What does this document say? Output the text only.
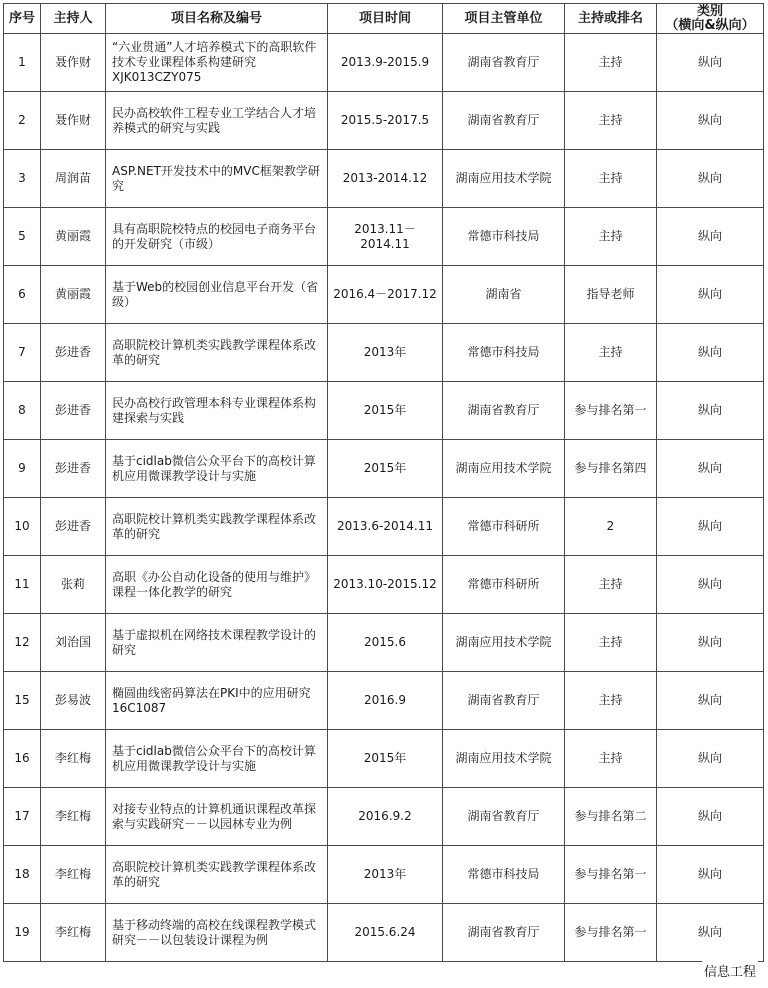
序号	主持人	项目名称及编号	项目时间	项目主管单位	主持或排名	类别
（横向&纵向）

1	聂作财	“六业贯通”人才培养模式下的高职软件技术专业课程体系构建研究 XJK013CZY075	2013.9-2015.9	湖南省教育厅	主持	纵向
2	聂作财	民办高校软件工程专业工学结合人才培养模式的研究与实践	2015.5-2017.5	湖南省教育厅	主持	纵向
3	周润苗	ASP.NET开发技术中的MVC框架教学研究	2013-2014.12	湖南应用技术学院	主持	纵向
5	黄丽霞	具有高职院校特点的校园电子商务平台的开发研究（市级）	2013.11－2014.11	常德市科技局	主持	纵向
6	黄丽霞	基于Web的校园创业信息平台开发（省级）	2016.4－2017.12	湖南省	指导老师	纵向
7	彭进香	高职院校计算机类实践教学课程体系改革的研究	2013年	常德市科技局	主持	纵向
8	彭进香	民办高校行政管理本科专业课程体系构建探索与实践	2015年	湖南省教育厅	参与排名第一	纵向
9	彭进香	基于cidlab微信公众平台下的高校计算机应用微课教学设计与实施	2015年	湖南应用技术学院	参与排名第四	纵向
10	彭进香	高职院校计算机类实践教学课程体系改革的研究	2013.6-2014.11	常德市科研所	2	纵向
11	张莉	高职《办公自动化设备的使用与维护》课程一体化教学的研究	2013.10-2015.12	常德市科研所	主持	纵向
12	刘治国	基于虚拟机在网络技术课程教学设计的研究	2015.6	湖南应用技术学院	主持	纵向
15	彭易波	椭圆曲线密码算法在PKI中的应用研究 16C1087	2016.9	湖南省教育厅	主持	纵向
16	李红梅	基于cidlab微信公众平台下的高校计算机应用微课教学设计与实施	2015年	湖南应用技术学院	主持	纵向
17	李红梅	对接专业特点的计算机通识课程改革探索与实践研究－－以园林专业为例	2016.9.2	湖南省教育厅	参与排名第二	纵向
18	李红梅	高职院校计算机类实践教学课程体系改革的研究	2013年	常德市科技局	参与排名第一	纵向
19	李红梅	基于移动终端的高校在线课程教学模式研究－－以包装设计课程为例	2015.6.24	湖南省教育厅	参与排名第一	纵向
信息工程
